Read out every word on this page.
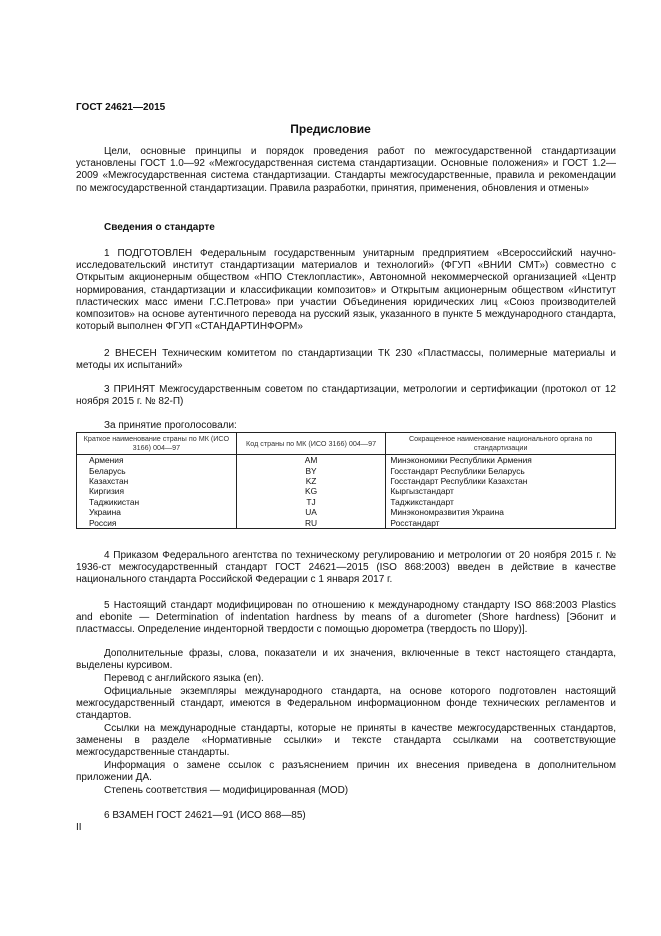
ГОСТ 24621—2015
Предисловие
Цели, основные принципы и порядок проведения работ по межгосударственной стандартизации установлены ГОСТ 1.0—92 «Межгосударственная система стандартизации. Основные положения» и ГОСТ 1.2—2009 «Межгосударственная система стандартизации. Стандарты межгосударственные, правила и рекомендации по межгосударственной стандартизации. Правила разработки, принятия, применения, обновления и отмены»
Сведения о стандарте
1 ПОДГОТОВЛЕН Федеральным государственным унитарным предприятием «Всероссийский научно-исследовательский институт стандартизации материалов и технологий» (ФГУП «ВНИИ СМТ») совместно с Открытым акционерным обществом «НПО Стеклопластик», Автономной некоммерческой организацией «Центр нормирования, стандартизации и классификации композитов» и Открытым акционерным обществом «Институт пластических масс имени Г.С.Петрова» при участии Объединения юридических лиц «Союз производителей композитов» на основе аутентичного перевода на русский язык, указанного в пункте 5 международного стандарта, который выполнен ФГУП «СТАНДАРТИНФОРМ»
2 ВНЕСЕН Техническим комитетом по стандартизации ТК 230 «Пластмассы, полимерные материалы и методы их испытаний»
3 ПРИНЯТ Межгосударственным советом по стандартизации, метрологии и сертификации (протокол от 12 ноября 2015 г. № 82-П)
За принятие проголосовали:
Краткое наименование страны по МК (ИСО 3166) 004—97	Код страны по МК (ИСО 3166) 004—97	Сокращенное наименование национального органа по стандартизации
Армения	AM	Минэкономики Республики Армения
Беларусь	BY	Госстандарт Республики Беларусь
Казахстан	KZ	Госстандарт Республики Казахстан
Киргизия	KG	Кыргызстандарт
Таджикистан	TJ	Таджикстандарт
Украина	UA	Минэкономразвития Украина
Россия	RU	Росстандарт
4 Приказом Федерального агентства по техническому регулированию и метрологии от 20 ноября 2015 г. № 1936-ст межгосударственный стандарт ГОСТ 24621—2015 (ISO 868:2003) введен в действие в качестве национального стандарта Российской Федерации с 1 января 2017 г.
5 Настоящий стандарт модифицирован по отношению к международному стандарту ISO 868:2003 Plastics and ebonite — Determination of indentation hardness by means of a durometer (Shore hardness) [Эбонит и пластмассы. Определение инденторной твердости с помощью дюрометра (твердость по Шору)].
Дополнительные фразы, слова, показатели и их значения, включенные в текст настоящего стандарта, выделены курсивом.
Перевод с английского языка (en).
Официальные экземпляры международного стандарта, на основе которого подготовлен настоящий межгосударственный стандарт, имеются в Федеральном информационном фонде технических регламентов и стандартов.
Ссылки на международные стандарты, которые не приняты в качестве межгосударственных стандартов, заменены в разделе «Нормативные ссылки» и тексте стандарта ссылками на соответствующие межгосударственные стандарты.
Информация о замене ссылок с разъяснением причин их внесения приведена в дополнительном приложении ДА.
Степень соответствия — модифицированная (MOD)
6 ВЗАМЕН ГОСТ 24621—91 (ИСО 868—85)
II
